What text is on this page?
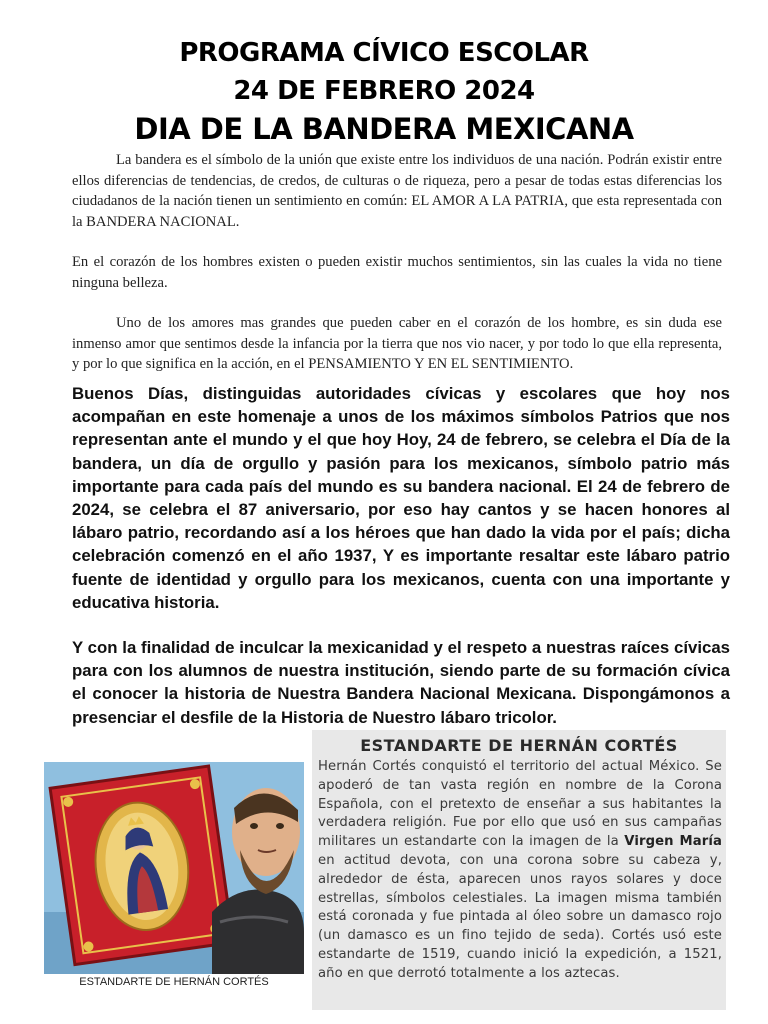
PROGRAMA CÍVICO ESCOLAR
24 DE FEBRERO 2024
DIA DE LA BANDERA MEXICANA
La bandera es el símbolo de la unión que existe entre los individuos de una nación. Podrán existir entre ellos diferencias de tendencias, de credos, de culturas o de riqueza, pero a pesar de todas estas diferencias los ciudadanos de la nación tienen un sentimiento en común: EL AMOR A LA PATRIA, que esta representada con la BANDERA NACIONAL.
En el corazón de los hombres existen o pueden existir muchos sentimientos, sin las cuales la vida no tiene ninguna belleza.
Uno de los amores mas grandes que pueden caber en el corazón de los hombre, es sin duda ese inmenso amor que sentimos desde la infancia por la tierra que nos vio nacer, y por todo lo que ella representa, y por lo que significa en la acción, en el PENSAMIENTO Y EN EL SENTIMIENTO.
Buenos Días, distinguidas autoridades cívicas y escolares que hoy nos acompañan en este homenaje a unos de los máximos símbolos Patrios que nos representan ante el mundo y el que hoy Hoy, 24 de febrero, se celebra el Día de la bandera, un día de orgullo y pasión para los mexicanos, símbolo patrio más importante para cada país del mundo es su bandera nacional. El 24 de febrero de 2024, se celebra el 87 aniversario, por eso hay cantos y se hacen honores al lábaro patrio, recordando así a los héroes que han dado la vida por el país; dicha celebración comenzó en el año 1937, Y es importante resaltar este lábaro patrio fuente de identidad y orgullo para los mexicanos, cuenta con una importante y educativa historia.
Y con la finalidad de inculcar la mexicanidad y el respeto a nuestras raíces cívicas para con los alumnos de nuestra institución, siendo parte de su formación cívica el conocer la historia de Nuestra Bandera Nacional Mexicana. Dispongámonos a presenciar el desfile de la Historia de Nuestro lábaro tricolor.
ESTANDARTE DE HERNÁN CORTÉS
ESTANDARTE DE HERNÁN CORTÉS
Hernán Cortés conquistó el territorio del actual México. Se apoderó de tan vasta región en nombre de la Corona Española, con el pretexto de enseñar a sus habitantes la verdadera religión. Fue por ello que usó en sus campañas militares un estandarte con la imagen de la Virgen María en actitud devota, con una corona sobre su cabeza y, alrededor de ésta, aparecen unos rayos solares y doce estrellas, símbolos celestiales. La imagen misma también está coronada y fue pintada al óleo sobre un damasco rojo (un damasco es un fino tejido de seda). Cortés usó este estandarte de 1519, cuando inició la expedición, a 1521, año en que derrotó totalmente a los aztecas.
